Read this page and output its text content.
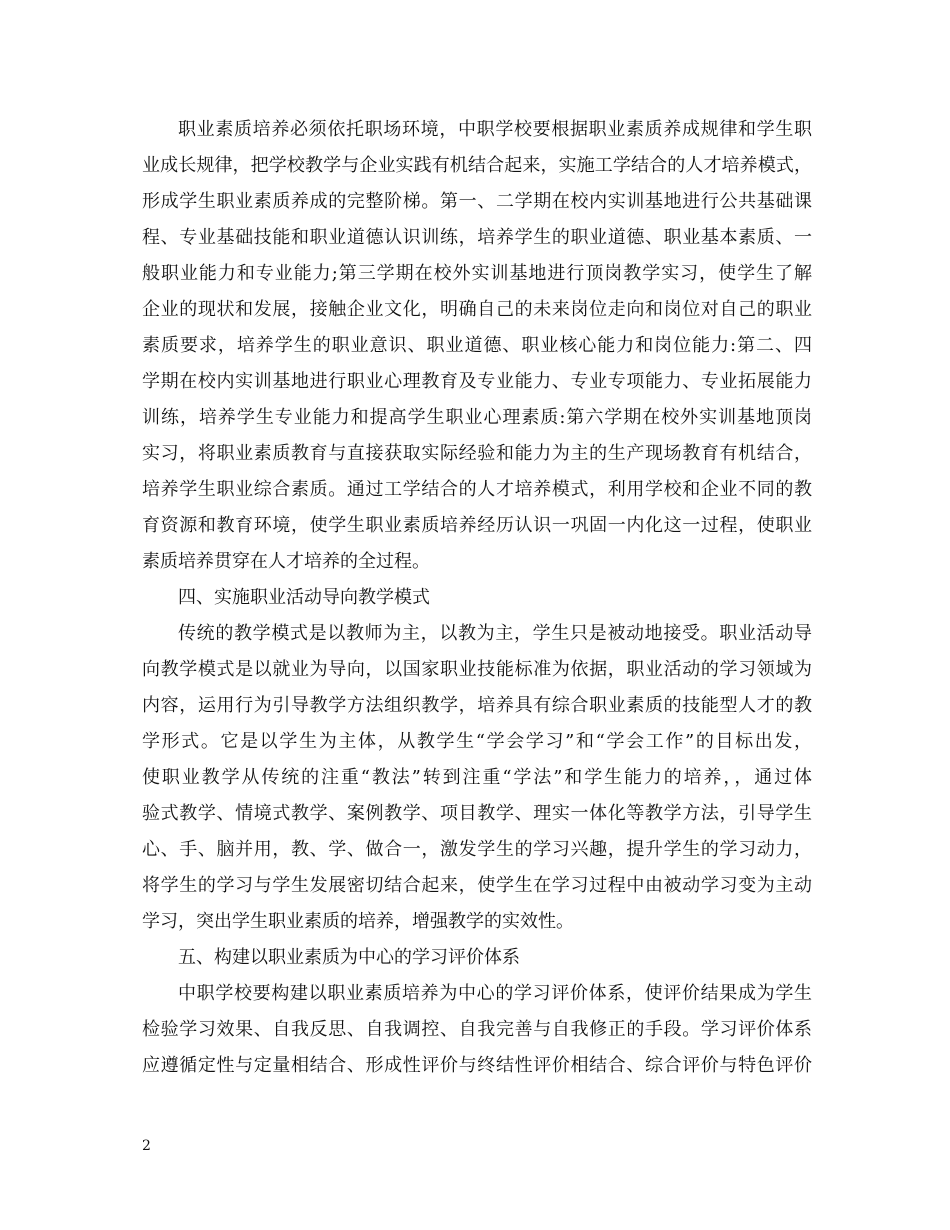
职业素质培养必须依托职场环境，中职学校要根据职业素质养成规律和学生职
业成长规律，把学校教学与企业实践有机结合起来，实施工学结合的人才培养模式，
形成学生职业素质养成的完整阶梯。第一、二学期在校内实训基地进行公共基础课
程、专业基础技能和职业道德认识训练，培养学生的职业道德、职业基本素质、一
般职业能力和专业能力;第三学期在校外实训基地进行顶岗教学实习，使学生了解
企业的现状和发展，接触企业文化，明确自己的未来岗位走向和岗位对自己的职业
素质要求，培养学生的职业意识、职业道德、职业核心能力和岗位能力:第二、四
学期在校内实训基地进行职业心理教育及专业能力、专业专项能力、专业拓展能力
训练，培养学生专业能力和提高学生职业心理素质:第六学期在校外实训基地顶岗
实习，将职业素质教育与直接获取实际经验和能力为主的生产现场教育有机结合，
培养学生职业综合素质。通过工学结合的人才培养模式，利用学校和企业不同的教
育资源和教育环境，使学生职业素质培养经历认识一巩固一内化这一过程，使职业
素质培养贯穿在人才培养的全过程。
四、实施职业活动导向教学模式
传统的教学模式是以教师为主，以教为主，学生只是被动地接受。职业活动导
向教学模式是以就业为导向，以国家职业技能标准为依据，职业活动的学习领域为
内容，运用行为引导教学方法组织教学，培养具有综合职业素质的技能型人才的教
学形式。它是以学生为主体，从教学生“学会学习”和“学会工作”的目标出发，
使职业教学从传统的注重“教法”转到注重“学法”和学生能力的培养，，通过体
验式教学、情境式教学、案例教学、项目教学、理实一体化等教学方法，引导学生
心、手、脑并用，教、学、做合一，激发学生的学习兴趣，提升学生的学习动力，
将学生的学习与学生发展密切结合起来，使学生在学习过程中由被动学习变为主动
学习，突出学生职业素质的培养，增强教学的实效性。
五、构建以职业素质为中心的学习评价体系
中职学校要构建以职业素质培养为中心的学习评价体系，使评价结果成为学生
检验学习效果、自我反思、自我调控、自我完善与自我修正的手段。学习评价体系
应遵循定性与定量相结合、形成性评价与终结性评价相结合、综合评价与特色评价
2
